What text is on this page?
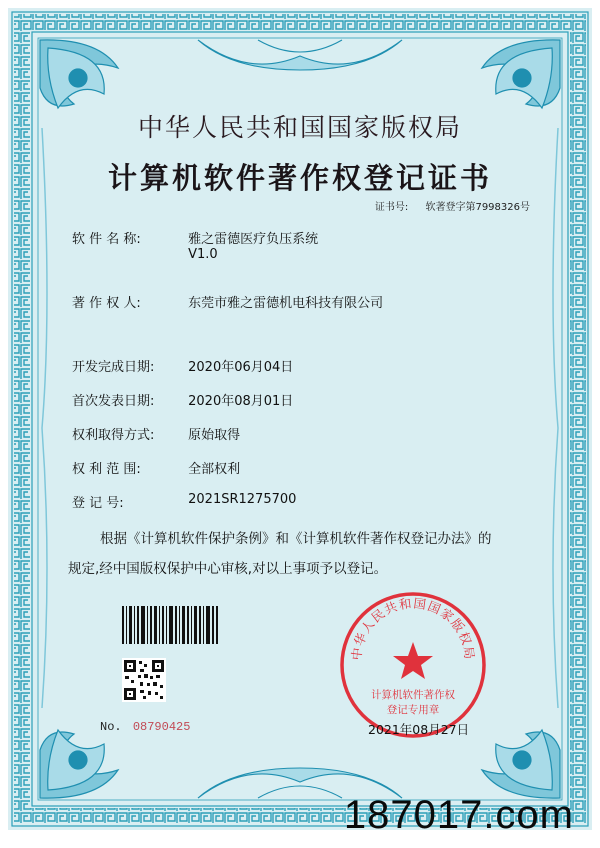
中华人民共和国国家版权局
计算机软件著作权登记证书
证书号: 软著登字第7998326号
软 件 名 称:	雅之雷德医疗负压系统
V1.0
著 作 权 人:	东莞市雅之雷德机电科技有限公司
开发完成日期:	2020年06月04日
首次发表日期:	2020年08月01日
权利取得方式:	原始取得
权 利 范 围:	全部权利
登 记 号:	2021SR1275700

根据《计算机软件保护条例》和《计算机软件著作权登记办法》的

规定,经中国版权保护中心审核,对以上事项予以登记。

中华人民共和国国家版权局
计算机软件著作权
登记专用章
No. 08790425	2021年08月27日
187017.com
